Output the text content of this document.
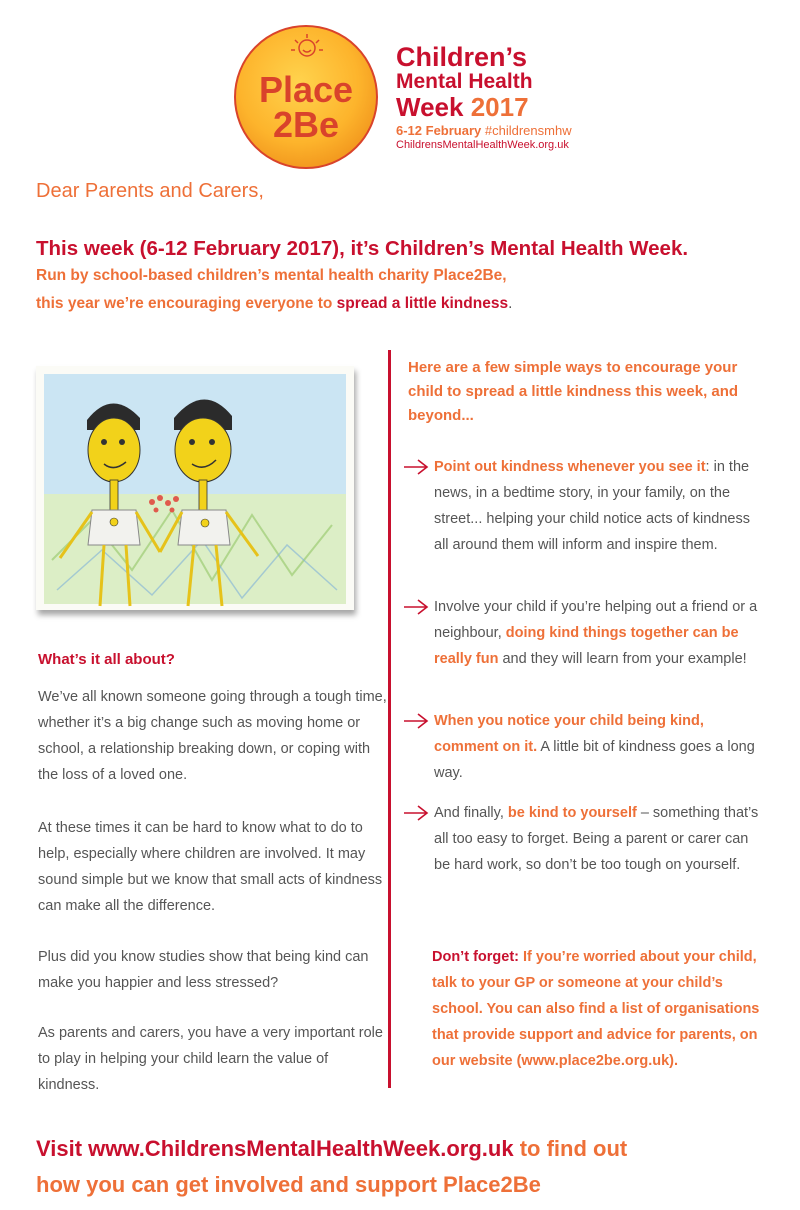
Place
2Be
Children’s
Mental Health
Week 2017
6-12 February #childrensmhw
ChildrensMentalHealthWeek.org.uk
Dear Parents and Carers,
This week (6-12 February 2017), it’s Children’s Mental Health Week.
Run by school-based children’s mental health charity Place2Be,
this year we’re encouraging everyone to spread a little kindness.
What’s it all about?
We’ve all known someone going through a tough time, whether it’s a big change such as moving home or school, a relationship breaking down, or coping with the loss of a loved one.
At these times it can be hard to know what to do to help, especially where children are involved. It may sound simple but we know that small acts of kindness can make all the difference.
Plus did you know studies show that being kind can make you happier and less stressed?
As parents and carers, you have a very important role to play in helping your child learn the value of kindness.
Here are a few simple ways to encourage your child to spread a little kindness this week, and beyond...
Point out kindness whenever you see it: in the news, in a bedtime story, in your family, on the street... helping your child notice acts of kindness all around them will inform and inspire them.
Involve your child if you’re helping out a friend or a neighbour, doing kind things together can be really fun and they will learn from your example!
When you notice your child being kind, comment on it. A little bit of kindness goes a long way.
And finally, be kind to yourself – something that’s all too easy to forget. Being a parent or carer can be hard work, so don’t be too tough on yourself.
Don’t forget: If you’re worried about your child, talk to your GP or someone at your child’s school. You can also find a list of organisations that provide support and advice for parents, on our website (www.place2be.org.uk).
Visit www.ChildrensMentalHealthWeek.org.uk to find out
how you can get involved and support Place2Be
